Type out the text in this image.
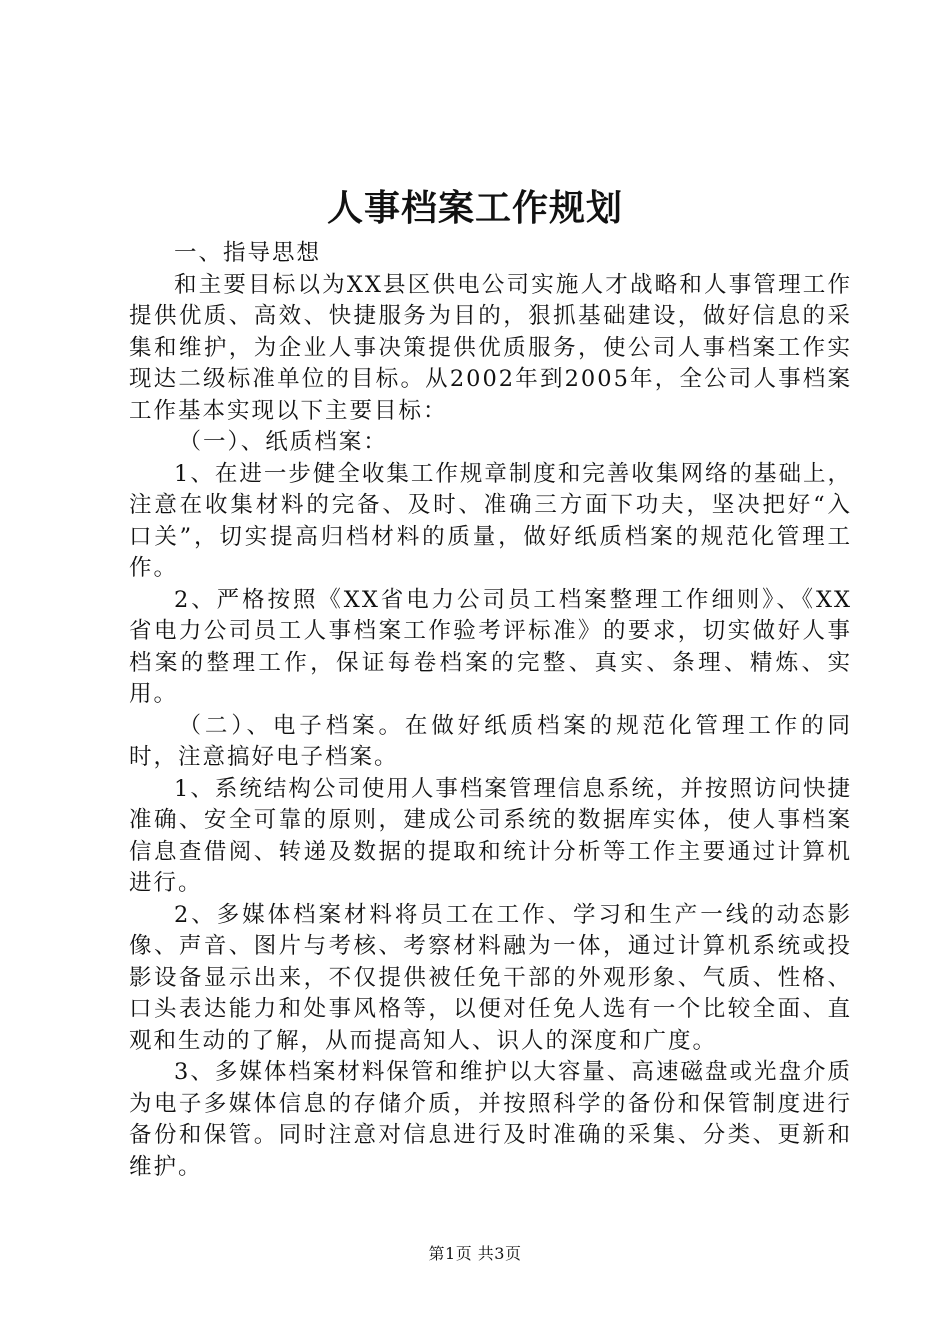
人事档案工作规划

一、指导思想

和主要目标以为XX县区供电公司实施人才战略和人事管理工作提供优质、高效、快捷服务为目的，狠抓基础建设，做好信息的采集和维护，为企业人事决策提供优质服务，使公司人事档案工作实现达二级标准单位的目标。从2002年到2005年，全公司人事档案工作基本实现以下主要目标：

（一）、纸质档案：

1、在进一步健全收集工作规章制度和完善收集网络的基础上，注意在收集材料的完备、及时、准确三方面下功夫，坚决把好“入口关”，切实提高归档材料的质量，做好纸质档案的规范化管理工作。

2、严格按照《XX省电力公司员工档案整理工作细则》、《XX省电力公司员工人事档案工作验考评标准》的要求，切实做好人事档案的整理工作，保证每卷档案的完整、真实、条理、精炼、实用。

（二）、电子档案。在做好纸质档案的规范化管理工作的同时，注意搞好电子档案。

1、系统结构公司使用人事档案管理信息系统，并按照访问快捷准确、安全可靠的原则，建成公司系统的数据库实体，使人事档案信息查借阅、转递及数据的提取和统计分析等工作主要通过计算机进行。

2、多媒体档案材料将员工在工作、学习和生产一线的动态影像、声音、图片与考核、考察材料融为一体，通过计算机系统或投影设备显示出来，不仅提供被任免干部的外观形象、气质、性格、口头表达能力和处事风格等，以便对任免人选有一个比较全面、直观和生动的了解，从而提高知人、识人的深度和广度。

3、多媒体档案材料保管和维护以大容量、高速磁盘或光盘介质为电子多媒体信息的存储介质，并按照科学的备份和保管制度进行备份和保管。同时注意对信息进行及时准确的采集、分类、更新和维护。

第1页 共3页
